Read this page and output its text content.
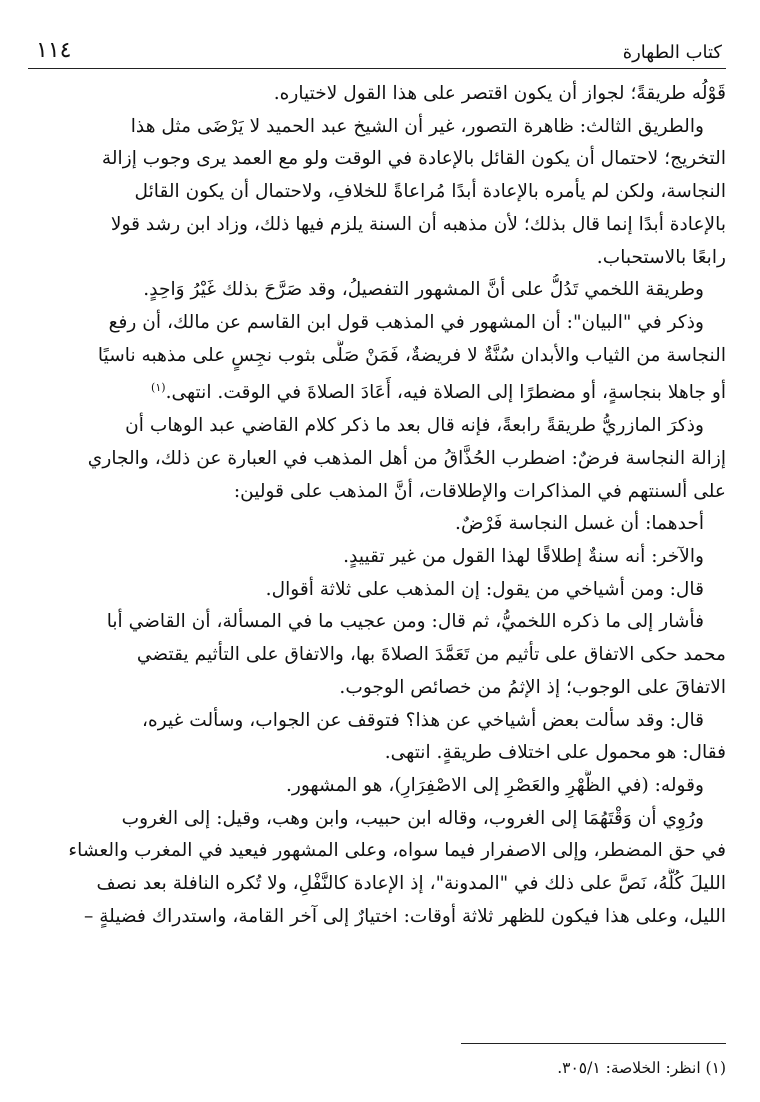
كتاب الطهارة
١١٤

قَوْلُه طريقةً؛ لجواز أن يكون اقتصر على هذا القول لاختياره.

والطريق الثالث: ظاهرة التصور، غير أن الشيخ عبد الحميد لا يَرْضَى مثل هذا

التخريج؛ لاحتمال أن يكون القائل بالإعادة في الوقت ولو مع العمد يرى وجوب إزالة

النجاسة، ولكن لم يأمره بالإعادة أبدًا مُراعاةً للخلافِ، ولاحتمال أن يكون القائل

بالإعادة أبدًا إنما قال بذلك؛ لأن مذهبه أن السنة يلزم فيها ذلك، وزاد ابن رشد قولا

رابعًا بالاستحباب.

وطريقة اللخمي تَدُلُّ على أنَّ المشهور التفصيلُ، وقد صَرَّحَ بذلك غَيْرُ وَاحِدٍ.

وذكر في "البيان": أن المشهور في المذهب قول ابن القاسم عن مالك، أن رفع

النجاسة من الثياب والأبدان سُنَّةٌ لا فريضةٌ، فَمَنْ صَلَّى بثوب نجِسٍ على مذهبه ناسيًا

أو جاهلا بنجاسةٍ، أو مضطرًا إلى الصلاة فيه، أَعَادَ الصلاةَ في الوقت. انتهى.$^{(١)}$

وذكرَ المازريُّ طريقةً رابعةً، فإنه قال بعد ما ذكر كلام القاضي عبد الوهاب أن

إزالة النجاسة فرضٌ: اضطرب الحُذَّاقُ من أهل المذهب في العبارة عن ذلك، والجاري

على ألسنتهم في المذاكرات والإطلاقات، أنَّ المذهب على قولين:

أحدهما: أن غسل النجاسة فَرْضٌ.

والآخر: أنه سنةٌ إطلاقًا لهذا القول من غير تقييدٍ.

قال: ومن أشياخي من يقول: إن المذهب على ثلاثة أقوال.

فأشار إلى ما ذكره اللخميُّ، ثم قال: ومن عجيب ما في المسألة، أن القاضي أبا

محمد حكى الاتفاق على تأثيم من تَعَمَّدَ الصلاةَ بها، والاتفاق على التأثيم يقتضي

الاتفاقَ على الوجوب؛ إذ الإثمُ من خصائص الوجوب.

قال: وقد سألت بعض أشياخي عن هذا؟ فتوقف عن الجواب، وسألت غيره،

فقال: هو محمول على اختلاف طريقةٍ. انتهى.

وقوله: (في الظُّهْرِ والعَصْرِ إلى الاصْفِرَارِ)، هو المشهور.

ورُوِي أن وَقْتَهُمَا إلى الغروب، وقاله ابن حبيب، وابن وهب، وقيل: إلى الغروب

في حق المضطر، وإلى الاصفرار فيما سواه، وعلى المشهور فيعيد في المغرب والعشاء

الليلَ كُلَّهُ، نَصَّ على ذلك في "المدونة"، إذ الإعادة كالنَّفْلِ، ولا تُكره النافلة بعد نصف

الليل، وعلى هذا فيكون للظهر ثلاثة أوقات: اختيارٌ إلى آخر القامة، واستدراك فضيلةٍ –

(١) انظر: الخلاصة: ٣٠٥/١.
